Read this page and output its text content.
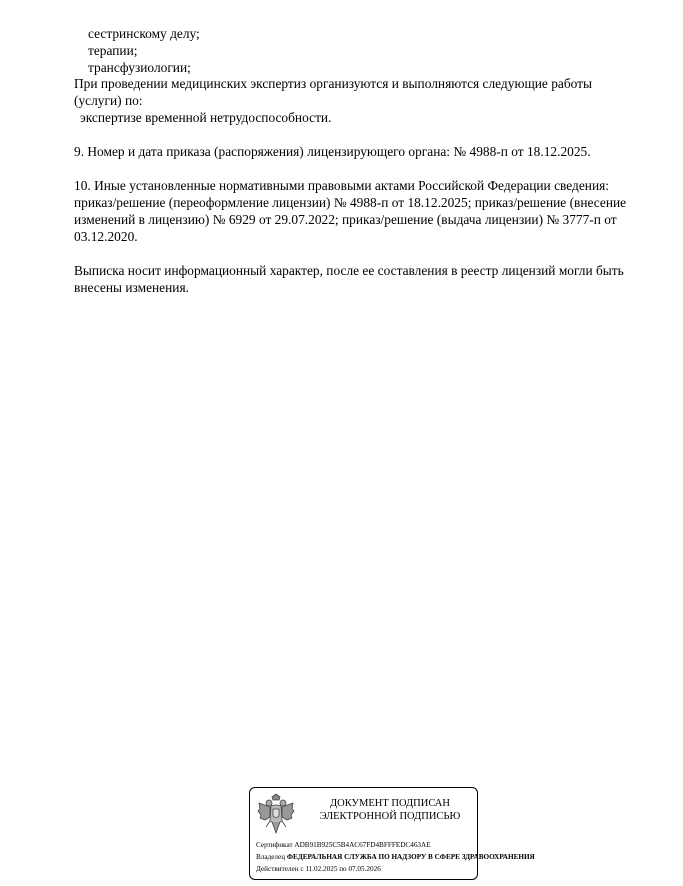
сестринскому делу;

терапии;

трансфузиологии;

При проведении медицинских экспертиз организуются и выполняются следующие работы

(услуги) по:

экспертизе временной нетрудоспособности.

9. Номер и дата приказа (распоряжения) лицензирующего органа: № 4988-п от 18.12.2025.

10. Иные установленные нормативными правовыми актами Российской Федерации сведения:

приказ/решение (переоформление лицензии) № 4988-п от 18.12.2025; приказ/решение (внесение

изменений в лицензию) № 6929 от 29.07.2022; приказ/решение (выдача лицензии) № 3777-п от

03.12.2020.

Выписка носит информационный характер, после ее составления в реестр лицензий могли быть

внесены изменения.

ДОКУМЕНТ ПОДПИСАН
ЭЛЕКТРОННОЙ ПОДПИСЬЮ
Сертификат ADB91B925C5B4AC67FD4BFFFEDC463AE
Владелец ФЕДЕРАЛЬНАЯ СЛУЖБА ПО НАДЗОРУ В СФЕРЕ ЗДРАВООХРАНЕНИЯ
Действителен с 11.02.2025 по 07.05.2026
